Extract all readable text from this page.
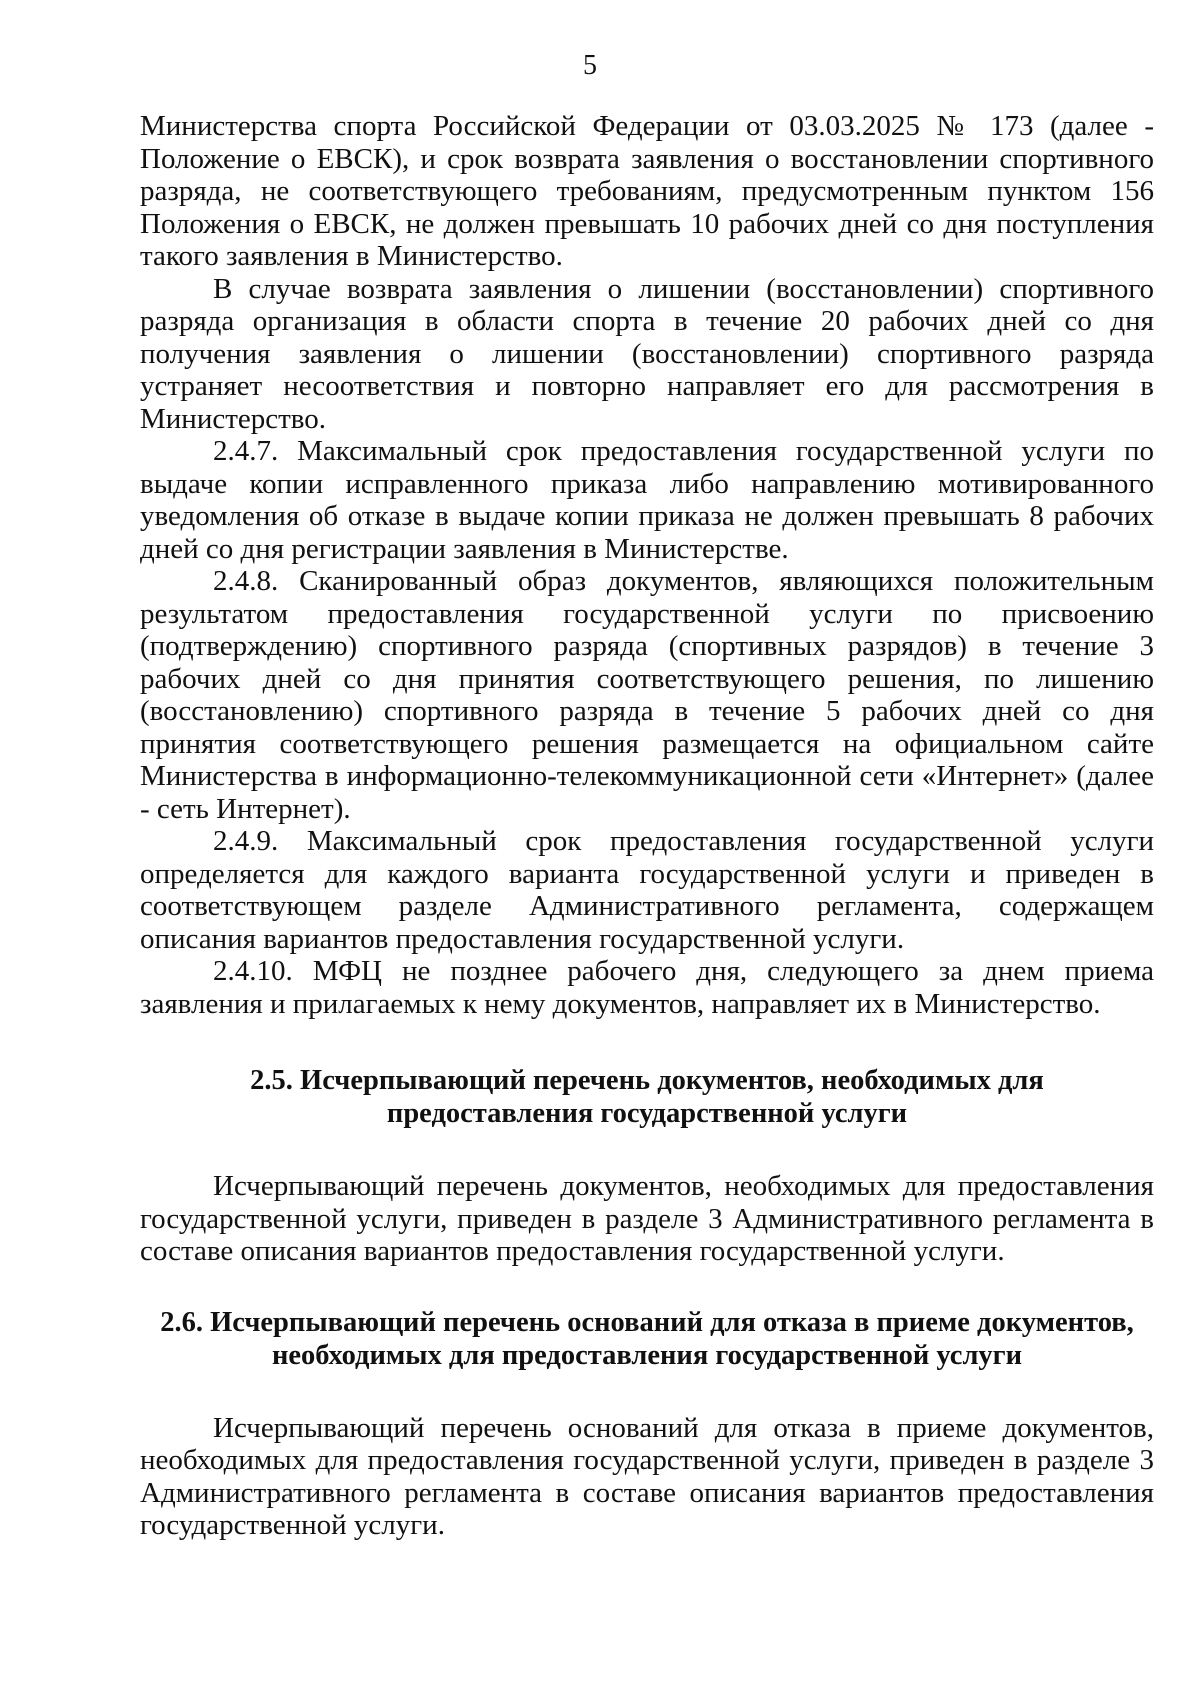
5

Министерства спорта Российской Федерации от 03.03.2025 № 173 (далее - Положение о ЕВСК), и срок возврата заявления о восстановлении спортивного разряда, не соответствующего требованиям, предусмотренным пунктом 156 Положения о ЕВСК, не должен превышать 10 рабочих дней со дня поступления такого заявления в Министерство.

В случае возврата заявления о лишении (восстановлении) спортивного разряда организация в области спорта в течение 20 рабочих дней со дня получения заявления о лишении (восстановлении) спортивного разряда устраняет несоответствия и повторно направляет его для рассмотрения в Министерство.

2.4.7. Максимальный срок предоставления государственной услуги по выдаче копии исправленного приказа либо направлению мотивированного уведомления об отказе в выдаче копии приказа не должен превышать 8 рабочих дней со дня регистрации заявления в Министерстве.

2.4.8. Сканированный образ документов, являющихся положительным результатом предоставления государственной услуги по присвоению (подтверждению) спортивного разряда (спортивных разрядов) в течение 3 рабочих дней со дня принятия соответствующего решения, по лишению (восстановлению) спортивного разряда в течение 5 рабочих дней со дня принятия соответствующего решения размещается на официальном сайте Министерства в информационно-телекоммуникационной сети «Интернет» (далее - сеть Интернет).

2.4.9. Максимальный срок предоставления государственной услуги определяется для каждого варианта государственной услуги и приведен в соответствующем разделе Административного регламента, содержащем описания вариантов предоставления государственной услуги.

2.4.10. МФЦ не позднее рабочего дня, следующего за днем приема заявления и прилагаемых к нему документов, направляет их в Министерство.

2.5. Исчерпывающий перечень документов, необходимых для
предоставления государственной услуги

Исчерпывающий перечень документов, необходимых для предоставления государственной услуги, приведен в разделе 3 Административного регламента в составе описания вариантов предоставления государственной услуги.

2.6. Исчерпывающий перечень оснований для отказа в приеме документов,
необходимых для предоставления государственной услуги

Исчерпывающий перечень оснований для отказа в приеме документов, необходимых для предоставления государственной услуги, приведен в разделе 3 Административного регламента в составе описания вариантов предоставления государственной услуги.
